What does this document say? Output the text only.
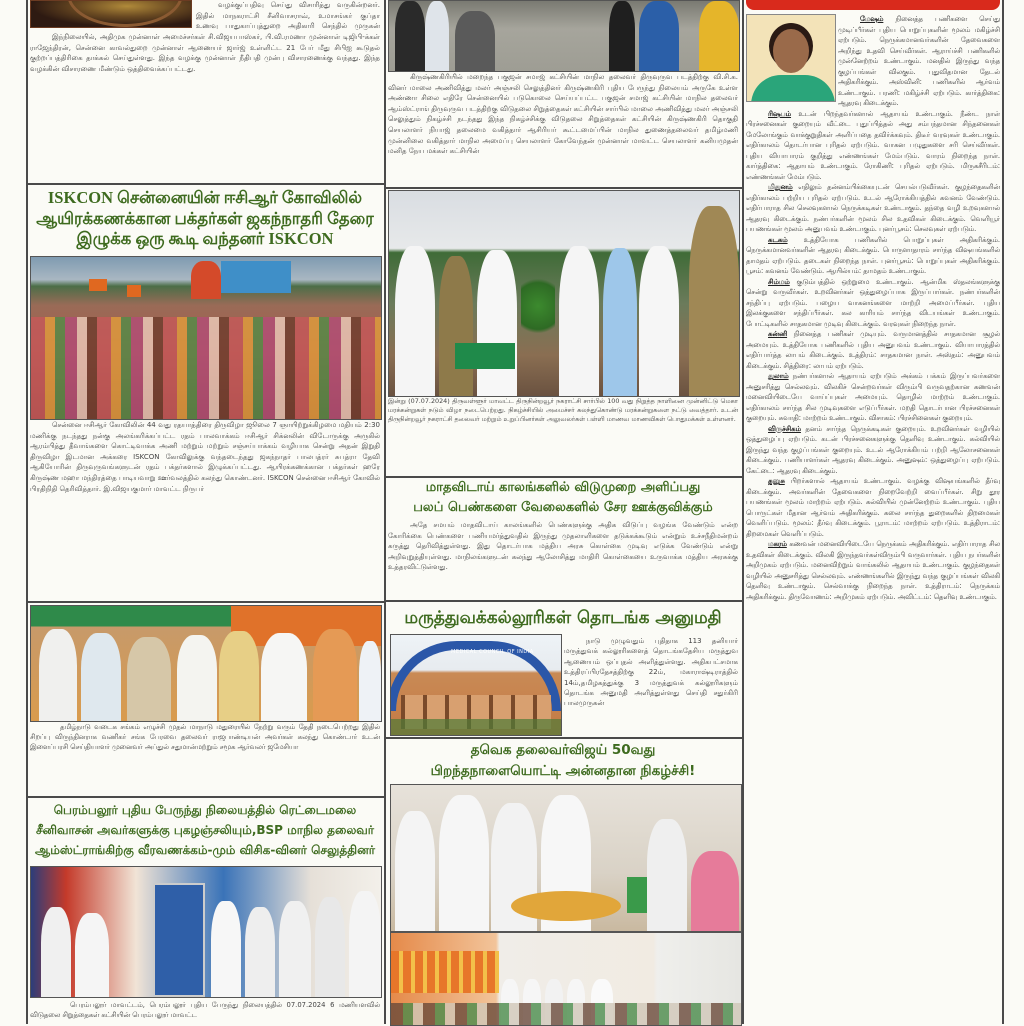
வழக்குப்பதிவு செய்து விசாரித்து வருகின்றனர். இதில் மாநகராட்சி சீனிவாசராவ், உமாசங்கர் குப்தா உணவு பாதுகாப்புத்துறை அதிகாரி செந்தில் முருகன்

இந்நிலையில், அதிமுக முன்னாள் அமைச்சர்கள் சி.விஜயபாஸ்கர், பி.வி.ரமணா முன்னாள் டிஜிபி-க்கள் ராஜேந்திரன், சென்னை காவல்துறை முன்னாள் ஆணையர் ஜார்ஜ் உள்ளிட்ட 21 பேர் மீது சிபிஐ கூடுதல் குற்றப்பத்திரிகை தாக்கல் செய்துள்ளது. இந்த வழக்கு முன்னாள் நீதிபதி முன்பு விசாரணைக்கு வந்தது. இந்த வழக்கின் விசாரணை மீண்டும் ஒத்திவைக்கப்பட்டது.

ISKCON சென்னையின் ஈசிஆர் கோவிலில்
ஆயிரக்கணக்கான பக்தர்கள் ஜகந்நாதரி தேரை
இழுக்க ஒரு கூடி வந்தனர் ISKCON

சென்னை ஈசிஆர் கோவிலின் 44 வது ரதயாத்திரை திருவிழா ஜூலை 7 ஞாயிற்றுக்கிழமை மதியம் 2:30 மணிக்கு நடந்தது நன்கு அலங்கரிக்கப்பட்ட ரதம் பாலவாக்கம் ஈசிஆர் சிக்னலின் விடோருக்கு அருகில் ஆரம்பித்து தீவாங்களை கொட்டிவாக்க அணி மற்றும் மற்றும் சஞ்சய்பாக்கம் வழியாக சென்று அதன் இறுதி திருவிழா இடமான அக்கரை ISKCON கோவிலுக்கு வந்தடைந்தது ஜகந்நாதர் பாலபத்ரர் சுபத்ரா தேவி ஆகியோரின் திருவுருவங்களுடன் ரதம் பக்தர்களால் இழுக்கப்பட்டது. ஆயிரக்கணக்கான பக்தர்கள் ஹரே கிருஷ்ண மஹா மந்திரத்தை பாடியவாறு ஊர்வலத்தில் கலந்து கொண்டனர். ISKCON சென்னை ஈசிஆர் கோவில் பிரதிநிதி தெரிவித்தார். இ.விஜயகுமார் மாவட்ட நிருபர்

தமிழ்நாடு வடைக சங்கம் எழுச்சி முதல் மாநாடு மதுரையில் நேற்று வரும் தேதி நடைபெற்றது இதில் சிறப்பு விருந்தினராக வணிகர் சங்க பேரவை தலைவர் ராஜபாண்டியன் அவர்கள் கலந்து கொண்டார் உடன் இளைப்பரசி செய்தியாளர் முனைவர் அப்துல் சதுமான்மற்றும் சமூக ஆர்வலர் ஜமேசியா
பெரம்பலூர் புதிய பேருந்து நிலையத்தில் ரெட்டைமலை
சீனிவாசன் அவர்களுக்கு புகழஞ்சலியும்,BSP மாநில தலைவர்
ஆம்ஸ்ட்ராங்கிற்கு வீரவணக்கம்-மும் விசிக-வினர் செலுத்தினர்
பெரம்பலூர் மாவட்டம், பெரம்பலூர் புதிய பேருந்து நிலையத்தில் 07.07.2024 6 மணியளவில் விடுதலை சிறுத்தைகள் கட்சியின் பெரம்பலூர் மாவட்ட

கிருஷ்ணகிரியில் மறைந்த பகுஜன் சமாஜ் கட்சியின் மாநில தலைவர் திருவுருவ படத்திற்கு வி.சி.க. வினர் மாலை அணிவித்து மலர் அஞ்சலி செலுத்தினர் கிருஷ்ணகிரி புதிய பேருந்து நிலையம் அருகே உள்ள அண்ணா சிலை எதிரே சென்னையில் படுகொலை செய்யப்பட்ட பகுஜன் சமாஜ் கட்சியின் மாநில தலைவர் ஆம்ஸ்ட்ராங் திருவுருவ படத்திற்கு விடுதலை சிறுத்தைகள் கட்சியின் சார்பில் மாலை அணிவித்து மலர் அஞ்சலி செலுத்தும் நிகழ்ச்சி நடந்தது இந்த நிகழ்ச்சிக்கு விடுதலை சிறுத்தைகள் கட்சியின் கிருஷ்ணகிரி தொகுதி செயலாளர் நியாஜ் தலைமை வகித்தார் ஆசிரியர் கூட்டமைப்பின் மாநில துணைத்தலைவர் தமிழ்மணி முன்னிலை வகித்தார் மாநில அமைப்பு செயலாளர் கோவேந்தன் முன்னாள் மாவட்ட செயலாளர் கனியமுதன் மனித நேய மக்கள் கட்சியின்

இன்று (07.07.2024) திருவள்ளூர் மாவட்ட திருநின்றவூர் நகராட்சி சார்பில் 100 வது நிறுத்த நாளினை முன்னிட்டு மெகா மரக்கன்றுகள் நடும் விழா நடைபெற்றது. நிகழ்ச்சியில் அமைச்சர் கலந்துகொண்டு மரக்கன்றுகளை நட்டு வைத்தார். உடன் திருநின்றவூர் நகராட்சி தலைவர் மற்றும் உறுப்பினர்கள் அலுவலர்கள் பள்ளி மாணவ மாணவிகள் பொதுமக்கள் உள்ளனர்.
மாதவிடாய் காலங்களில் விடுமுறை அளிப்பது
பலப் பெண்களை வேலைகளில் சேர ஊக்குவிக்கும்

அதே சமயம் மாதவிடாய் காலங்களில் பெண்களுக்கு அதிக விடுப்பு வழங்க வேண்டும் என்ற கோரிக்கை பெண்களை பணியமர்த்துவதில் இருந்து முதலாளிகளை தடுக்கக்கூடும் என்றும் உச்சநீதிமன்றம் கருத்து தெரிவித்துள்ளது. இது தொடர்பாக மத்திய அரசு கொள்கை முடிவு எடுக்க வேண்டும் என்று அறிவுறுத்தியுள்ளது. மாநிலங்களுடன் கலந்து ஆலோசித்து மாதிரி கொள்கையை உருவாக்க மத்திய அரசுக்கு உத்தரவிட்டுள்ளது.

மருத்துவக்கல்லூரிகள் தொடங்க அனுமதி
MEDICAL COUNCIL OF INDIA

நாடு முழுவதும் புதிதாக 113 தனியார் மருத்துவக் கல்லூரிகளைத் தொடங்கதேசிய மருத்துவ ஆணையம் ஒப்புதல் அளித்துள்ளது. அதிகபட்சமாக உத்திரப்பிரதேசத்திற்கு 22ம், மகாராஷ்டிராத்தில் 14ம்,தமிழகத்துக்கு 3 மருத்துவக் கல்லூரிகளும் தொடங்க அனுமதி அளித்துள்ளது செய்தி சதுர்கிரி பாலமுருகன்

தவெக தலைவர்விஜய் 50வது
பிறந்தநாளையொட்டி அன்னதான நிகழ்ச்சி!

மேஷம் நினைத்த பணிகளை செய்து முடிப்பீர்கள் புதிய பொறுப்புகளின் மூலம் மகிழ்ச்சி ஏற்படும். நெருக்கமானவர்களின் தேவைகளை அறிந்து உதவி செய்வீர்கள். ஆராய்ச்சி பணிகளில் முன்னேற்றம் உண்டாகும். மனதில் இருந்து வந்த குழப்பங்கள் விலகும். புதுவிதமான தேடல் அதிகரிக்கும். அஸ்வினி: பணிகளில் ஆர்வம் உண்டாகும். பரணி: மகிழ்ச்சி ஏற்படும். கார்த்திகை: ஆதரவு கிடைக்கும்.

ரிஷபம் உடன் பிறந்தவர்களால் ஆதாயம் உண்டாகும். நீண்ட நாள் பிரச்சனைகள் குறையும் வீட்டை புதுப்பித்தல் அது சம்பந்தமான சிந்தனைகள் மேலோங்கும் வாக்குறுதிகள் அளிப்பதை தவிர்க்கவும். திடீர் வரவுகள் உண்டாகும். எதிர்காலம் தொடர்பான புரிதல் ஏற்படும். வாகன பழுதுகளை சரி செய்வீர்கள். புதிய வியாபாரம் குறித்து எண்ணங்கள் மேம்படும். வாரம் நிறைந்த நாள். கார்த்திகை: ஆதாயம் உண்டாகும். ரோகிணி: புரிதல் ஏற்படும். மிருகசீரிடம்: எண்ணங்கள் மேம்படும்.

மிதுனம் எதிலும் தன்னம்பிக்கையுடன் செயல்படுவீர்கள். குழந்தைகளின் எதிர்காலம் பற்றிய புரிதல் ஏற்படும். உடல் ஆரோக்கியத்தில் கவனம் வேண்டும். எதிர்பாராத சில செலவுகளால் நெருக்கடிகள் உண்டாகும். தந்தை வழி உறவுகளால் ஆதரவு கிடைக்கும். நண்பர்களின் மூலம் சில உதவிகள் கிடைக்கும். வெளியூர் பயணங்கள் மூலம் அனுபவம் உண்டாகும். புனர்பூசம்: செலவுகள் ஏற்படும்.

கடகம் உத்தியோக பணிகளில் பொறுப்புகள் அதிகரிக்கும். நெருக்கமானவர்களின் ஆதரவு கிடைக்கும். பொருளாதாரம் சார்ந்த விஷயங்களில் தாமதம் ஏற்படும். தடைகள் நிறைந்த நாள். புனர்பூசம்: பொறுப்புகள் அதிகரிக்கும். பூசம்: கவனம் வேண்டும். ஆயில்யம்: தாமதம் உண்டாகும்.

சிம்மம் குடும்பத்தில் ஒற்றுமை உண்டாகும். ஆன்மிக ஸ்தலங்களுக்கு சென்று வருவீர்கள். உறவினர்கள் ஒத்துழைப்பாக இருப்பார்கள். நண்பர்களின் சந்திப்பு ஏற்படும். பழைய வாகனங்களை மாற்றி அமைப்பீர்கள். புதிய இலக்குகளை சந்திப்பீர்கள். கல காரியம் சார்ந்த விடயங்கள் உண்டாகும். போட்டிகளில் சாதகமான முடிவு கிடைக்கும். வரவுகள் நிறைந்த நாள்.

கன்னி நினைத்த பணிகள் முடியும். வருமானத்தில் சாதகமான சூழல் அமையும். உத்தியோக பணிகளில் புதிய அனுபவம் உண்டாகும். வியாபாரத்தில் எதிர்பார்த்த லாபம் கிடைக்கும். உத்திரம்: சாதகமான நாள். அஸ்தம்: அனுபவம் கிடைக்கும். சித்திரை: லாபம் ஏற்படும்.

துலாம் நண்பர்களால் ஆதாயம் ஏற்படும் அக்கம் பக்கம் இருப்பவர்களை அனுசரித்து செல்லவும். விலகிச் சென்றவர்கள் விரும்பி வருவதற்கான கணவன் மனைவியிடையே வாய்ப்புகள் அமையும். தொழில் மாற்றம் உண்டாகும். எதிர்காலம் சார்ந்த சில முடிவுகளை எடுப்பீர்கள். மறதி தொடர்பான பிரச்சனைகள் குறையும். சுவாதி: மாற்றம் உண்டாகும். விசாகம்: பிரச்சினைகள் குறையும்.

விருச்சிகம் தனம் சார்ந்த நெருக்கடிகள் குறையும். உறவினர்கள் வழியில் ஒத்துழைப்பு ஏற்படும். கடன் பிரச்சனைகளுக்கு தெளிவு உண்டாகும். கல்வியில் இருந்து வந்த குழப்பங்கள் குறையும். உடல் ஆரோக்கியம் பற்றி ஆலோசனைகள் கிடைக்கும். பணியாளர்கள் ஆதரவு கிடைக்கும். அனுஷம்: ஒத்துழைப்பு ஏற்படும். கேட்டை: ஆதரவு கிடைக்கும்.

தனுசு பிறர்களால் ஆதாயம் உண்டாகும். வழக்கு விஷயங்களில் தீர்வு கிடைக்கும். அவர்களின் தேவைகளை நிறைவேற்றி வைப்பீர்கள். சிறு தூர பயணங்கள் மூலம் மாற்றம் ஏற்படும். கல்வியில் முன்னேற்றம் உண்டாகும். புதிய பொருட்கள் மீதான ஆர்வம் அதிகரிக்கும். கலை சார்ந்த துறைகளில் திறமைகள் வெளிப்படும். மூலம்: தீர்வு கிடைக்கும். பூராடம்: மாற்றம் ஏற்படும். உத்திராடம்: திறமைகள் வெளிப்படும்.

மகரம் கணவன் மனைவியிடையே நெருக்கம் அதிகரிக்கும். எதிர்பாராத சில உதவிகள் கிடைக்கும். விலகி இருந்தவர்கள்விரும்பி வருவார்கள். புதிய நபர்களின் அறிமுகம் ஏற்படும். மனைவிற்றும் வாங்கலில் ஆதாயம் உண்டாகும். குழந்தைகள் வழியில் அனுசரித்து செல்லவும். எண்ணங்களில் இருந்து வந்த குழப்பங்கள் விலகி தெளிவு உண்டாகும். செல்வாக்கு நிறைந்த நாள். உத்திராடம்: நெருக்கம் அதிகரிக்கும். திருவோணம்: அறிமுகம் ஏற்படும். அவிட்டம்: தெளிவு உண்டாகும்.
